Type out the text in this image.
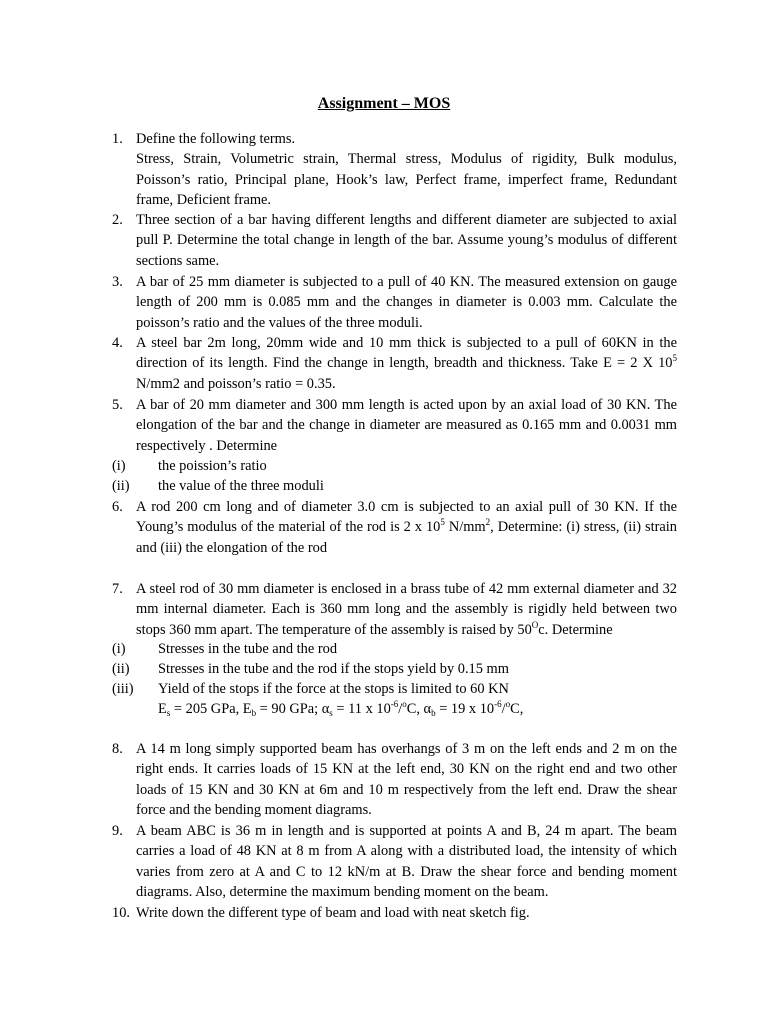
Assignment – MOS
1. Define the following terms.
Stress, Strain, Volumetric strain, Thermal stress, Modulus of rigidity, Bulk modulus, Poisson’s ratio, Principal plane, Hook’s law, Perfect frame, imperfect frame, Redundant frame, Deficient frame.
2. Three section of a bar having different lengths and different diameter are subjected to axial pull P. Determine the total change in length of the bar. Assume young’s modulus of different sections same.
3. A bar of 25 mm diameter is subjected to a pull of 40 KN. The measured extension on gauge length of 200 mm is 0.085 mm and the changes in diameter is 0.003 mm. Calculate the poisson’s ratio and the values of the three moduli.
4. A steel bar 2m long, 20mm wide and 10 mm thick is subjected to a pull of 60KN in the direction of its length. Find the change in length, breadth and thickness. Take E = 2 X $10^5$ N/mm2 and poisson’s ratio = 0.35.
5. A bar of 20 mm diameter and 300 mm length is acted upon by an axial load of 30 KN. The elongation of the bar and the change in diameter are measured as 0.165 mm and 0.0031 mm respectively . Determine
(i) the poission’s ratio
(ii) the value of the three moduli
6. A rod 200 cm long and of diameter 3.0 cm is subjected to an axial pull of 30 KN. If the Young’s modulus of the material of the rod is 2 x $10^5$ $N/mm^2$, Determine: (i) stress, (ii) strain and (iii) the elongation of the rod
7. A steel rod of 30 mm diameter is enclosed in a brass tube of 42 mm external diameter and 32 mm internal diameter. Each is 360 mm long and the assembly is rigidly held between two stops 360 mm apart. The temperature of the assembly is raised by $50^Oc$. Determine
(i) Stresses in the tube and the rod
(ii) Stresses in the tube and the rod if the stops yield by 0.15 mm
(iii) Yield of the stops if the force at the stops is limited to 60 KN
$E_s = 205$ GPa, $E_b = 90$ GPa; $\alpha_s = 11$ x $10^{-6}/^oC$, $\alpha_b = 19$ x $10^{-6}/^oC$,
8. A 14 m long simply supported beam has overhangs of 3 m on the left ends and 2 m on the right ends. It carries loads of 15 KN at the left end, 30 KN on the right end and two other loads of 15 KN and 30 KN at 6m and 10 m respectively from the left end. Draw the shear force and the bending moment diagrams.
9. A beam ABC is 36 m in length and is supported at points A and B, 24 m apart. The beam carries a load of 48 KN at 8 m from A along with a distributed load, the intensity of which varies from zero at A and C to 12 kN/m at B. Draw the shear force and bending moment diagrams. Also, determine the maximum bending moment on the beam.
10. Write down the different type of beam and load with neat sketch fig.
